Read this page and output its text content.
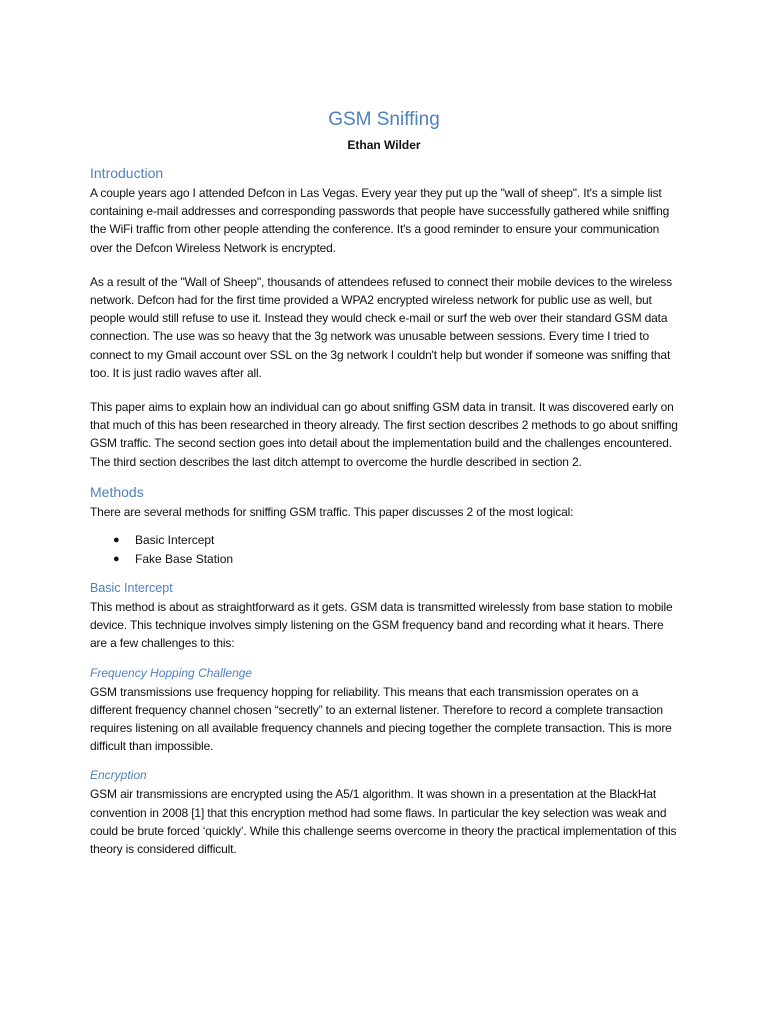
GSM Sniffing
Ethan Wilder
Introduction

A couple years ago I attended Defcon in Las Vegas. Every year they put up the "wall of sheep". It's a simple list containing e-mail addresses and corresponding passwords that people have successfully gathered while sniffing the WiFi traffic from other people attending the conference. It's a good reminder to ensure your communication over the Defcon Wireless Network is encrypted.

As a result of the "Wall of Sheep", thousands of attendees refused to connect their mobile devices to the wireless network. Defcon had for the first time provided a WPA2 encrypted wireless network for public use as well, but people would still refuse to use it. Instead they would check e-mail or surf the web over their standard GSM data connection. The use was so heavy that the 3g network was unusable between sessions. Every time I tried to connect to my Gmail account over SSL on the 3g network I couldn't help but wonder if someone was sniffing that too. It is just radio waves after all.

This paper aims to explain how an individual can go about sniffing GSM data in transit. It was discovered early on that much of this has been researched in theory already. The first section describes 2 methods to go about sniffing GSM traffic. The second section goes into detail about the implementation build and the challenges encountered. The third section describes the last ditch attempt to overcome the hurdle described in section 2.

Methods

There are several methods for sniffing GSM traffic. This paper discusses 2 of the most logical:

● Basic Intercept
● Fake Base Station
Basic Intercept

This method is about as straightforward as it gets. GSM data is transmitted wirelessly from base station to mobile device. This technique involves simply listening on the GSM frequency band and recording what it hears. There are a few challenges to this:

Frequency Hopping Challenge

GSM transmissions use frequency hopping for reliability. This means that each transmission operates on a different frequency channel chosen “secretly” to an external listener. Therefore to record a complete transaction requires listening on all available frequency channels and piecing together the complete transaction. This is more difficult than impossible.

Encryption

GSM air transmissions are encrypted using the A5/1 algorithm. It was shown in a presentation at the BlackHat convention in 2008 [1] that this encryption method had some flaws. In particular the key selection was weak and could be brute forced ‘quickly’. While this challenge seems overcome in theory the practical implementation of this theory is considered difficult.
